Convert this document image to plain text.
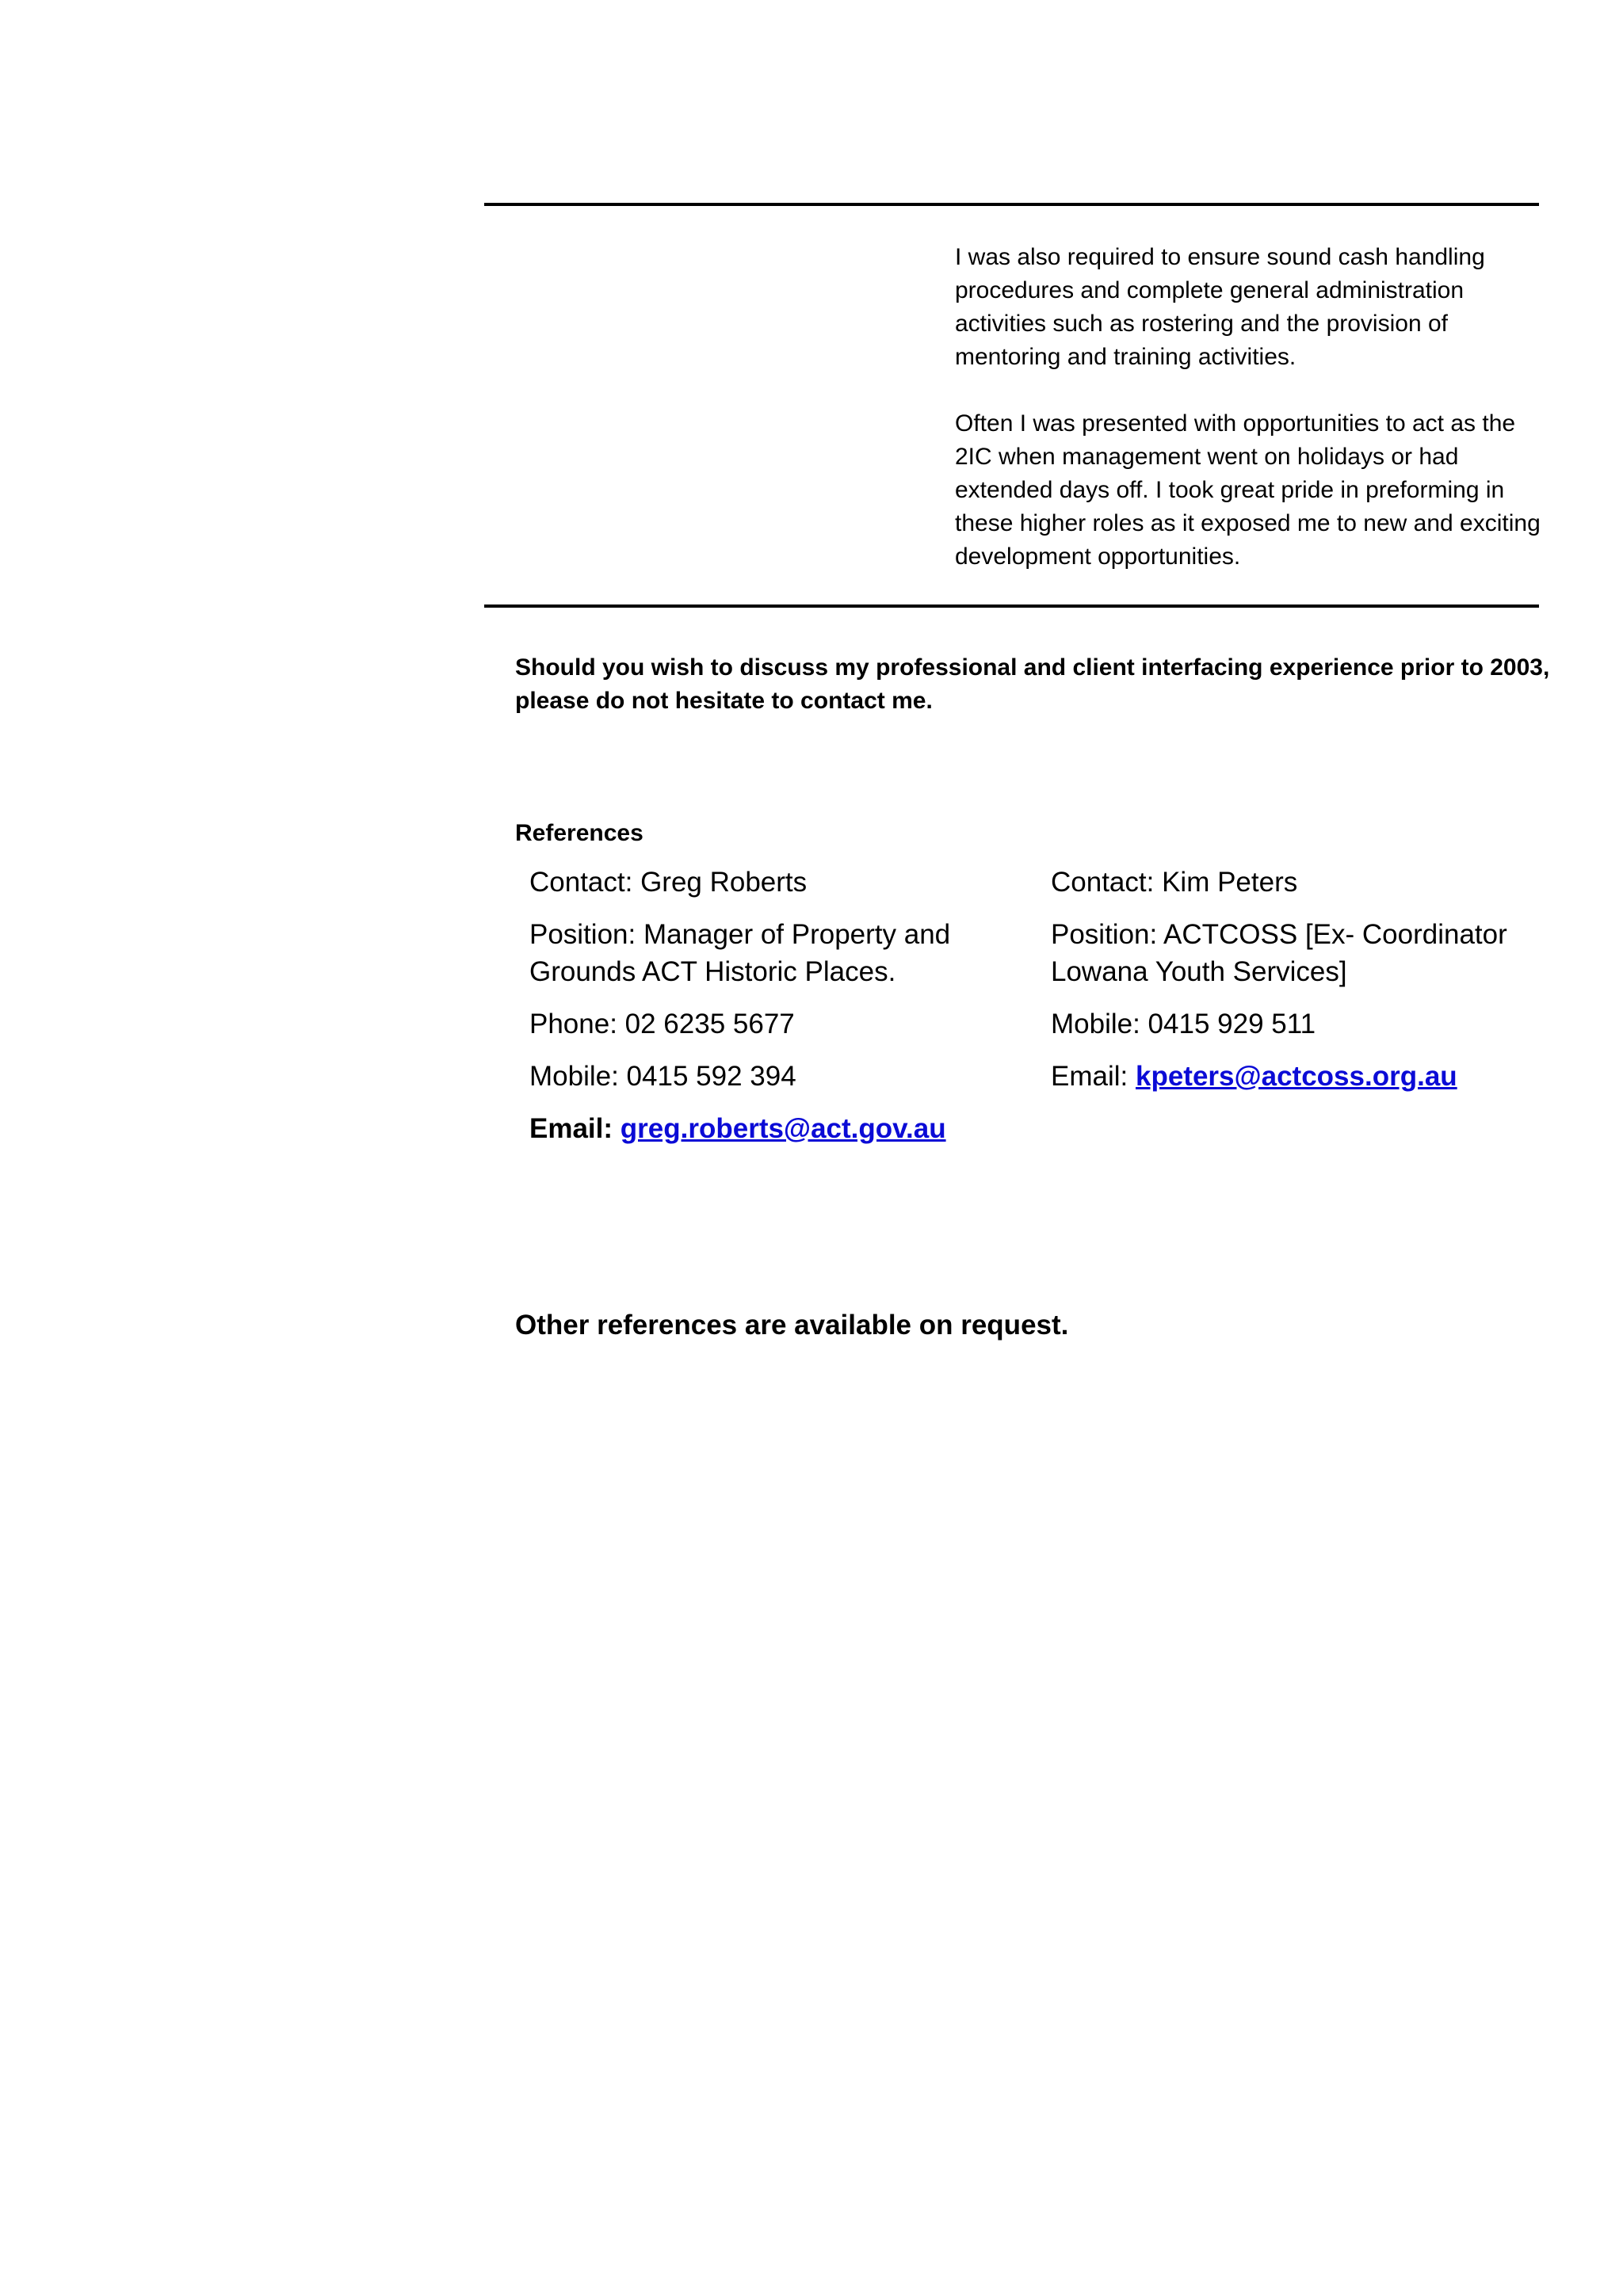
I was also required to ensure sound cash handling procedures and complete general administration activities such as rostering and the provision of mentoring and training activities.

Often I was presented with opportunities to act as the 2IC when management went on holidays or had extended days off. I took great pride in preforming in these higher roles as it exposed me to new and exciting development opportunities.

Should you wish to discuss my professional and client interfacing experience prior to 2003, please do not hesitate to contact me.
References
Contact: Greg Roberts
Position: Manager of Property and Grounds ACT Historic Places.
Phone: 02 6235 5677
Mobile: 0415 592 394
Email: greg.roberts@act.gov.au
Contact: Kim Peters
Position: ACTCOSS [Ex- Coordinator Lowana Youth Services]
Mobile: 0415 929 511
Email: kpeters@actcoss.org.au
Other references are available on request.
